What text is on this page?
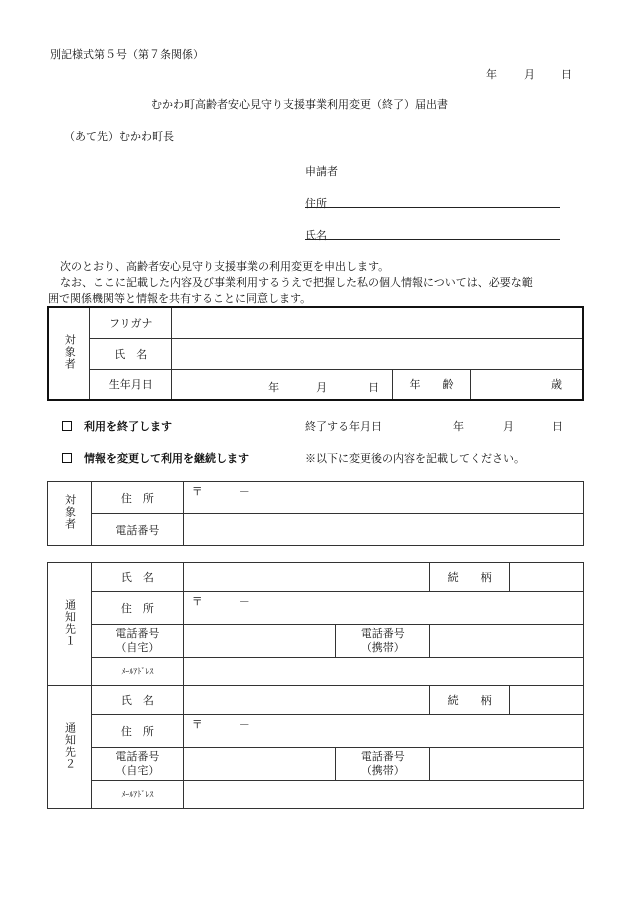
別記様式第５号（第７条関係）
年 月 日
むかわ町高齢者安心見守り支援事業利用変更（終了）届出書
（あて先）むかわ町長
申請者
住所
氏名
次のとおり、高齢者安心見守り支援事業の利用変更を申出します。
なお、ここに記載した内容及び事業利用するうえで把握した私の個人情報については、必要な範
囲で関係機関等と情報を共有することに同意します。
対象者	フリガナ			
	氏　名			
	生年月日	年 月 日	年　　齢	歳
利用を終了します	終了する年月日	年	月	日
情報を変更して利用を継続します	※以下に変更後の内容を記載してください。
対象者	住　所	〒 －

	電話番号	
通知先１	氏　名			続　　柄	
	住　所	〒 －			

	電話番号
（自宅）		電話番号
（携帯）		
	ﾒｰﾙｱﾄﾞﾚｽ				
通知先２	氏　名			続　　柄	
	住　所	〒 －			

	電話番号
（自宅）		電話番号
（携帯）		
	ﾒｰﾙｱﾄﾞﾚｽ				
